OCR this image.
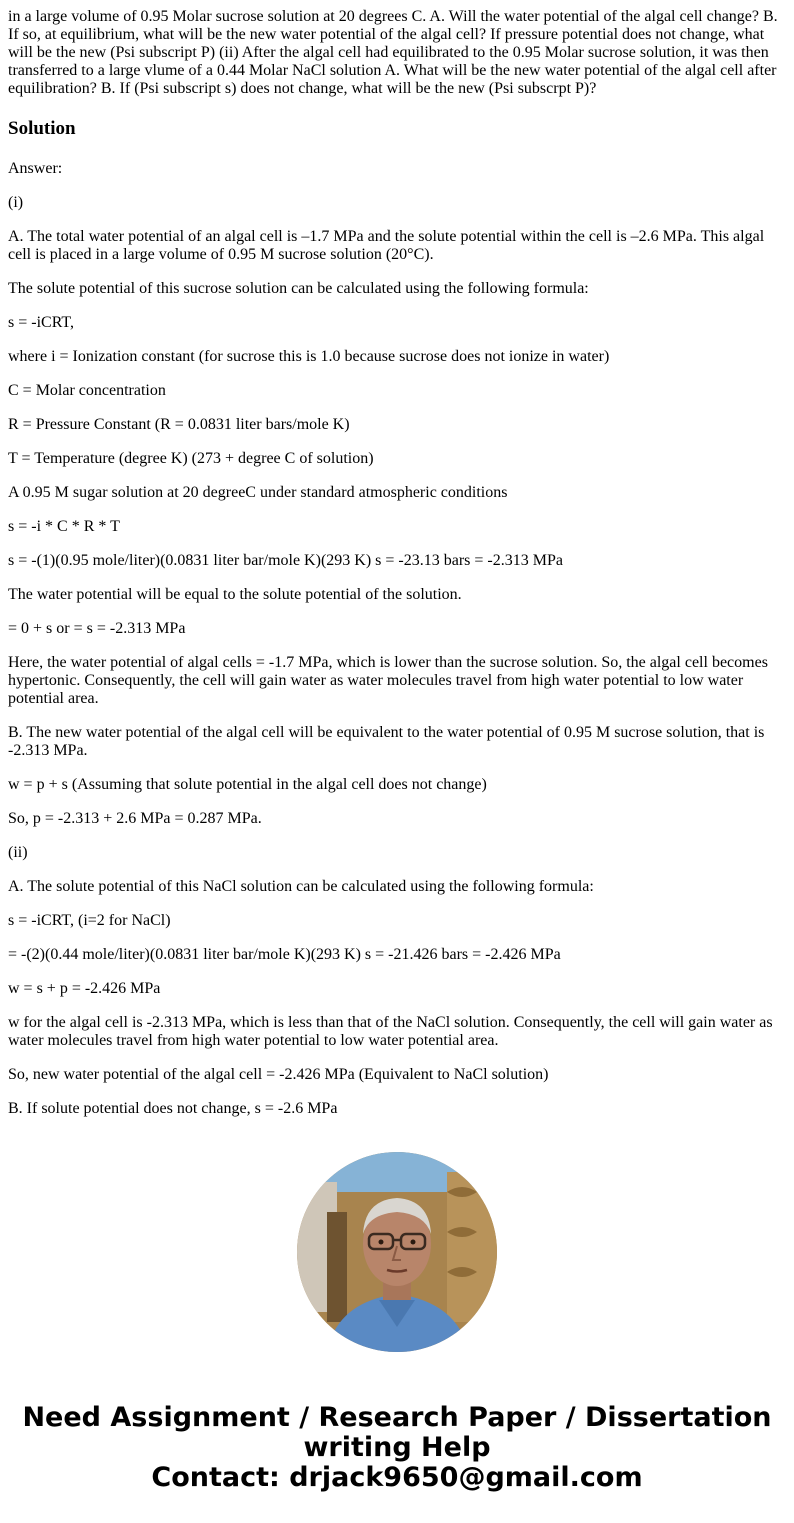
in a large volume of 0.95 Molar sucrose solution at 20 degrees C. A. Will the water potential of the algal cell change? B. If so, at equilibrium, what will be the new water potential of the algal cell? If pressure potential does not change, what will be the new (Psi subscript P) (ii) After the algal cell had equilibrated to the 0.95 Molar sucrose solution, it was then transferred to a large vlume of a 0.44 Molar NaCl solution A. What will be the new water potential of the algal cell after equilibration? B. If (Psi subscript s) does not change, what will be the new (Psi subscrpt P)?

Solution

Answer:

(i)

A. The total water potential of an algal cell is –1.7 MPa and the solute potential within the cell is –2.6 MPa. This algal cell is placed in a large volume of 0.95 M sucrose solution (20°C).

The solute potential of this sucrose solution can be calculated using the following formula:

s = -iCRT,

where i = Ionization constant (for sucrose this is 1.0 because sucrose does not ionize in water)

C = Molar concentration

R = Pressure Constant (R = 0.0831 liter bars/mole K)

T = Temperature (degree K) (273 + degree C of solution)

A 0.95 M sugar solution at 20 degreeC under standard atmospheric conditions

s = -i * C * R * T

s = -(1)(0.95 mole/liter)(0.0831 liter bar/mole K)(293 K) s = -23.13 bars = -2.313 MPa

The water potential will be equal to the solute potential of the solution.

= 0 + s or = s = -2.313 MPa

Here, the water potential of algal cells = -1.7 MPa, which is lower than the sucrose solution. So, the algal cell becomes hypertonic. Consequently, the cell will gain water as water molecules travel from high water potential to low water potential area.

B. The new water potential of the algal cell will be equivalent to the water potential of 0.95 M sucrose solution, that is -2.313 MPa.

w = p + s (Assuming that solute potential in the algal cell does not change)

So, p = -2.313 + 2.6 MPa = 0.287 MPa.

(ii)

A. The solute potential of this NaCl solution can be calculated using the following formula:

s = -iCRT, (i=2 for NaCl)

= -(2)(0.44 mole/liter)(0.0831 liter bar/mole K)(293 K) s = -21.426 bars = -2.426 MPa

w = s + p = -2.426 MPa

w for the algal cell is -2.313 MPa, which is less than that of the NaCl solution. Consequently, the cell will gain water as water molecules travel from high water potential to low water potential area.

So, new water potential of the algal cell = -2.426 MPa (Equivalent to NaCl solution)

B. If solute potential does not change, s = -2.6 MPa

Need Assignment / Research Paper / Dissertation
writing Help
Contact: drjack9650@gmail.com
